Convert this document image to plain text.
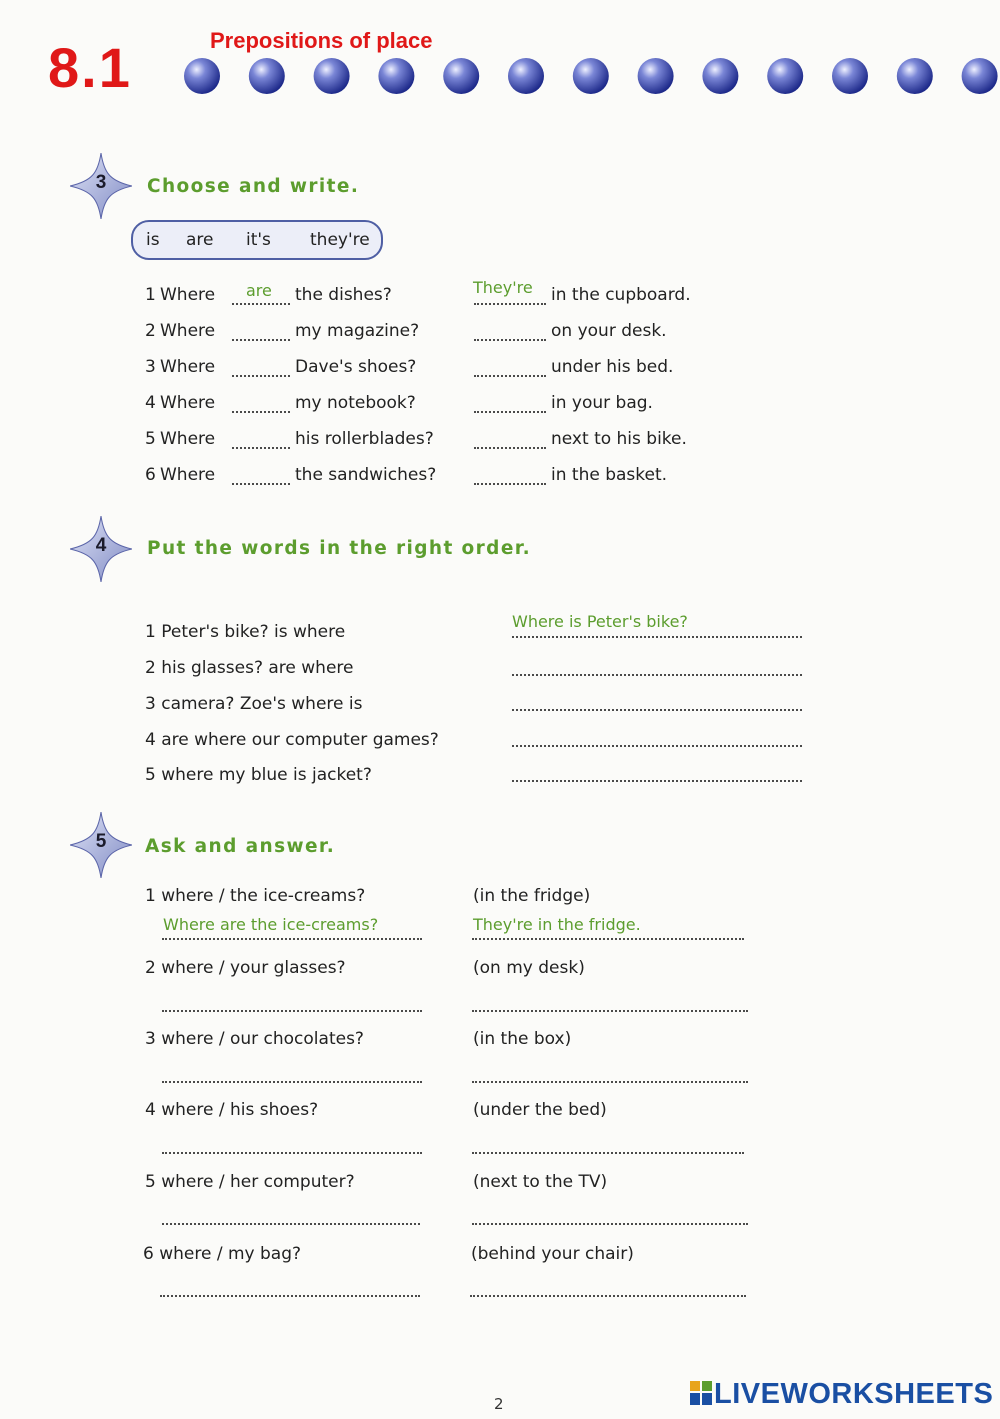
8.1	Prepositions of place
3	Choose and write.
is are it's they're
1 Where are the dishes?	They're in the cupboard.
2 Where	my magazine?	on your desk.
3 Where	Dave's shoes?	under his bed.
4 Where	my notebook?	in your bag.
5 Where	his rollerblades?	next to his bike.
6 Where	the sandwiches?	in the basket.
4	Put the words in the right order.
1 Peter's bike? is where
Where is Peter's bike?
2 his glasses? are where
3 camera? Zoe's where is
4 are where our computer games?
5 where my blue is jacket?
5	Ask and answer.
1 where / the ice-creams?	(in the fridge)
Where are the ice-creams?	They're in the fridge.
2 where / your glasses?	(on my desk)
3 where / our chocolates?	(in the box)
4 where / his shoes?	(under the bed)
5 where / her computer?	(next to the TV)
6 where / my bag?	(behind your chair)
2	LIVEWORKSHEETS
